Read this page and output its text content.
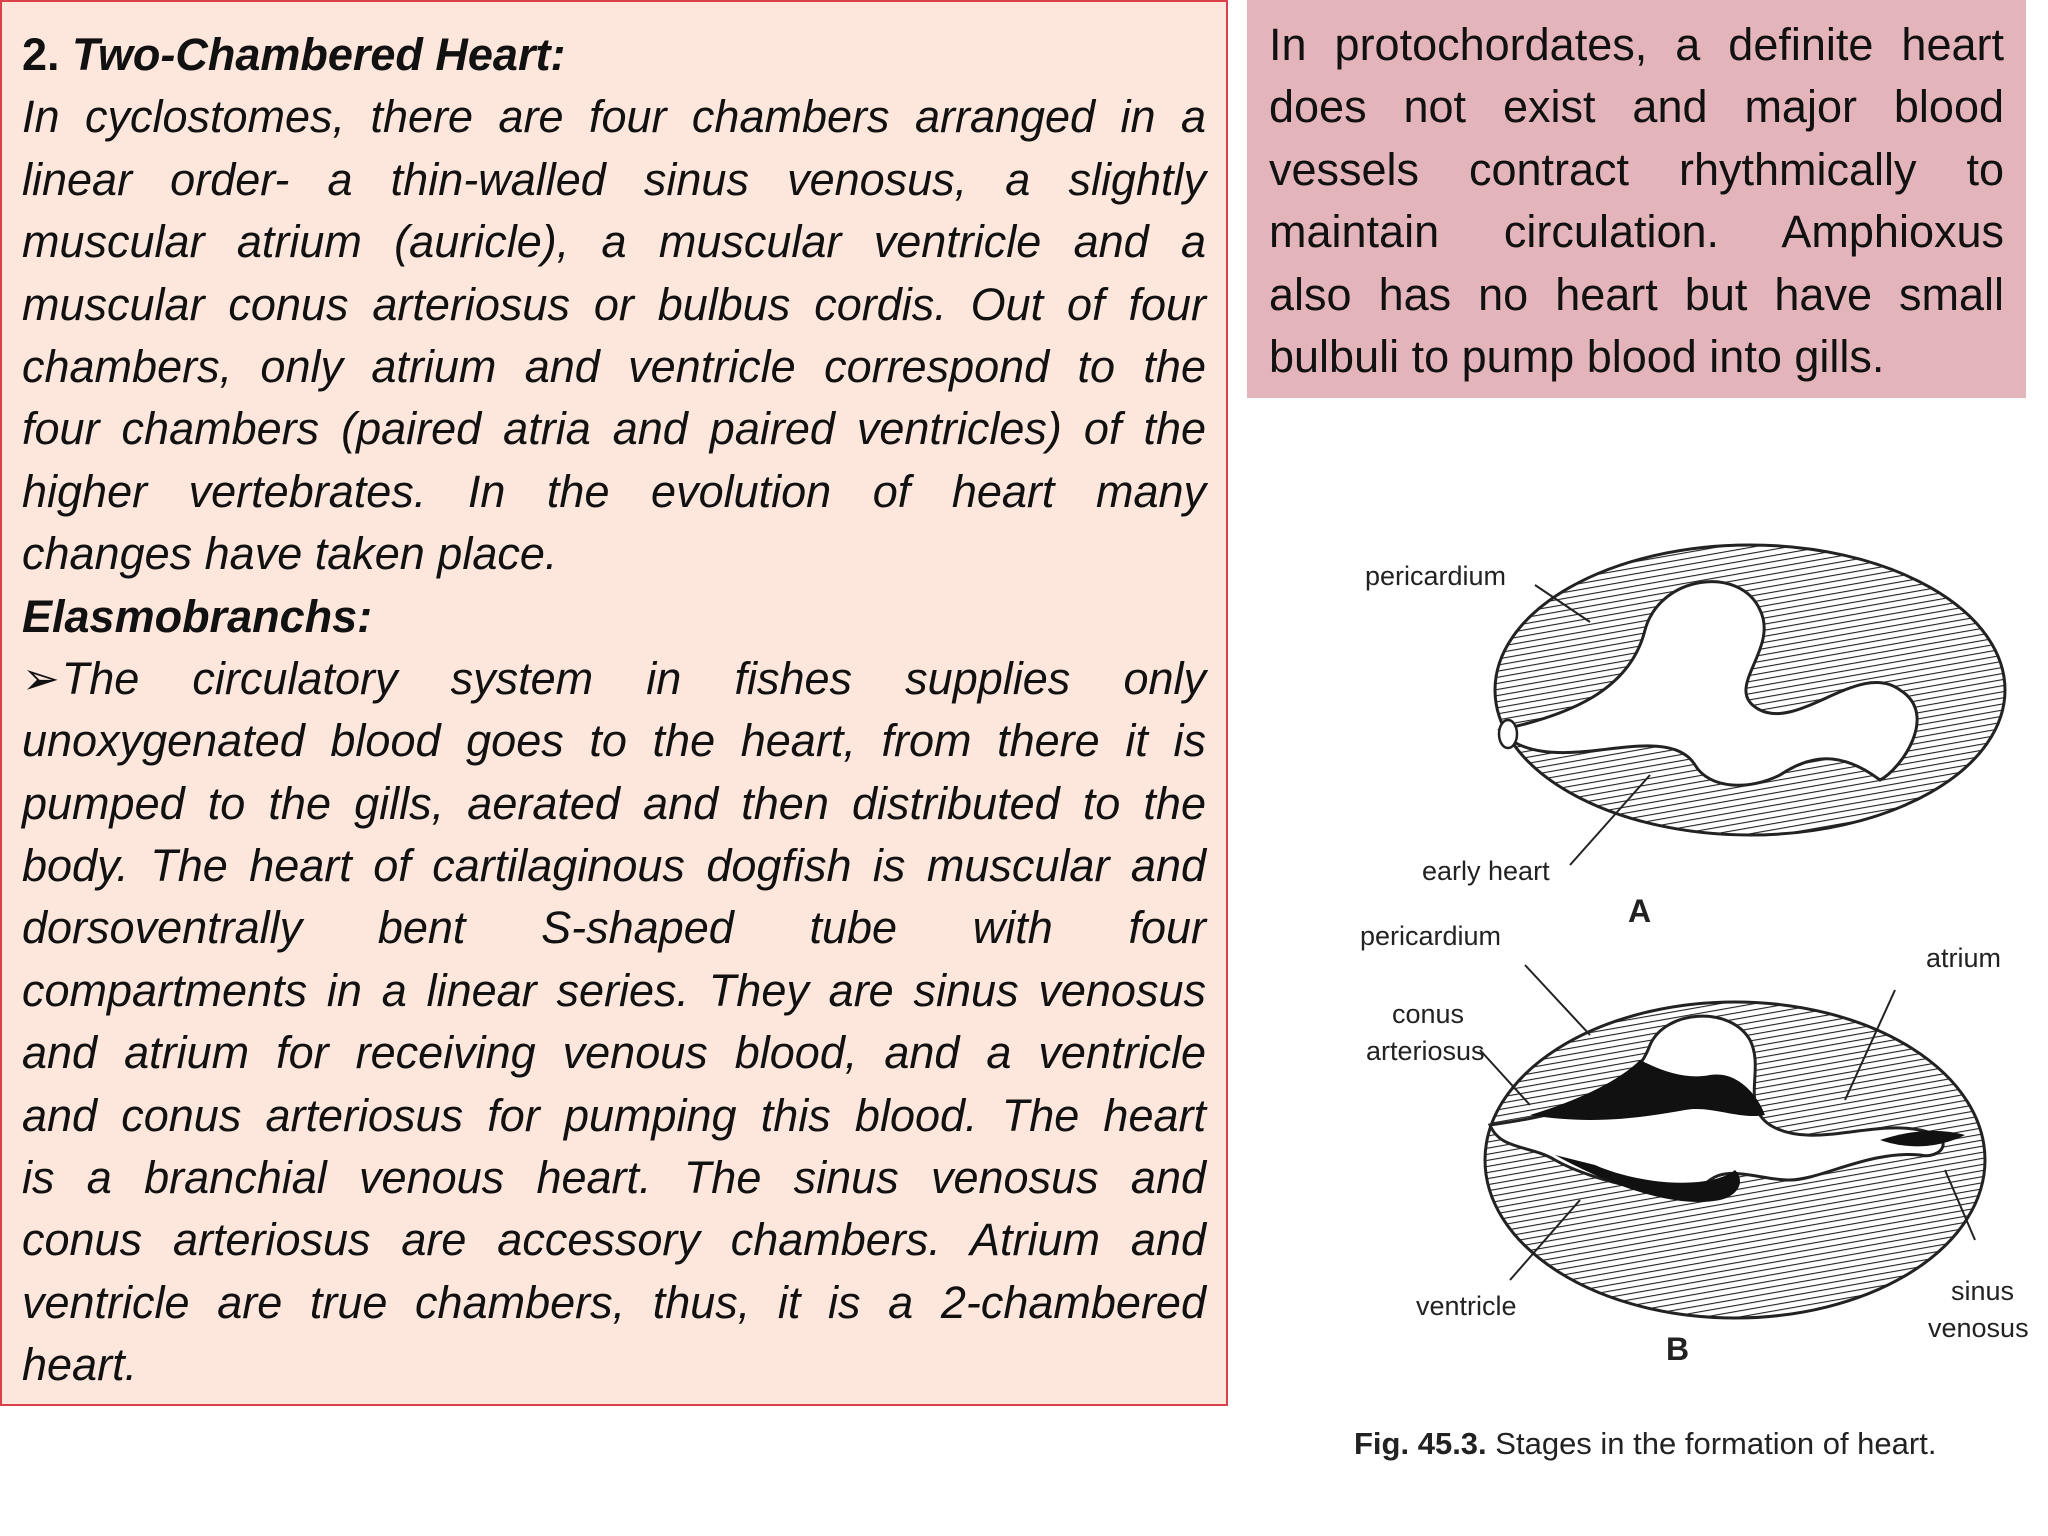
2. Two-Chambered Heart:
In cyclostomes, there are four chambers arranged in a
linear order- a thin-walled sinus venosus, a slightly
muscular atrium (auricle), a muscular ventricle and a
muscular conus arteriosus or bulbus cordis. Out of four
chambers, only atrium and ventricle correspond to the
four chambers (paired atria and paired ventricles) of the
higher vertebrates. In the evolution of heart many
changes have taken place.
Elasmobranchs:
➢The circulatory system in fishes supplies only
unoxygenated blood goes to the heart, from there it is
pumped to the gills, aerated and then distributed to the
body. The heart of cartilaginous dogfish is muscular and
dorsoventrally bent S-shaped tube with four
compartments in a linear series. They are sinus venosus
and atrium for receiving venous blood, and a ventricle
and conus arteriosus for pumping this blood. The heart
is a branchial venous heart. The sinus venosus and
conus arteriosus are accessory chambers. Atrium and
ventricle are true chambers, thus, it is a 2-chambered
heart.
In protochordates, a definite heart
does not exist and major blood
vessels contract rhythmically to
maintain circulation. Amphioxus
also has no heart but have small
bulbuli to pump blood into gills.
pericardium
early heart
A
pericardium
atrium
conus
arteriosus
ventricle	sinus
venosus
B
Fig. 45.3. Stages in the formation of heart.
